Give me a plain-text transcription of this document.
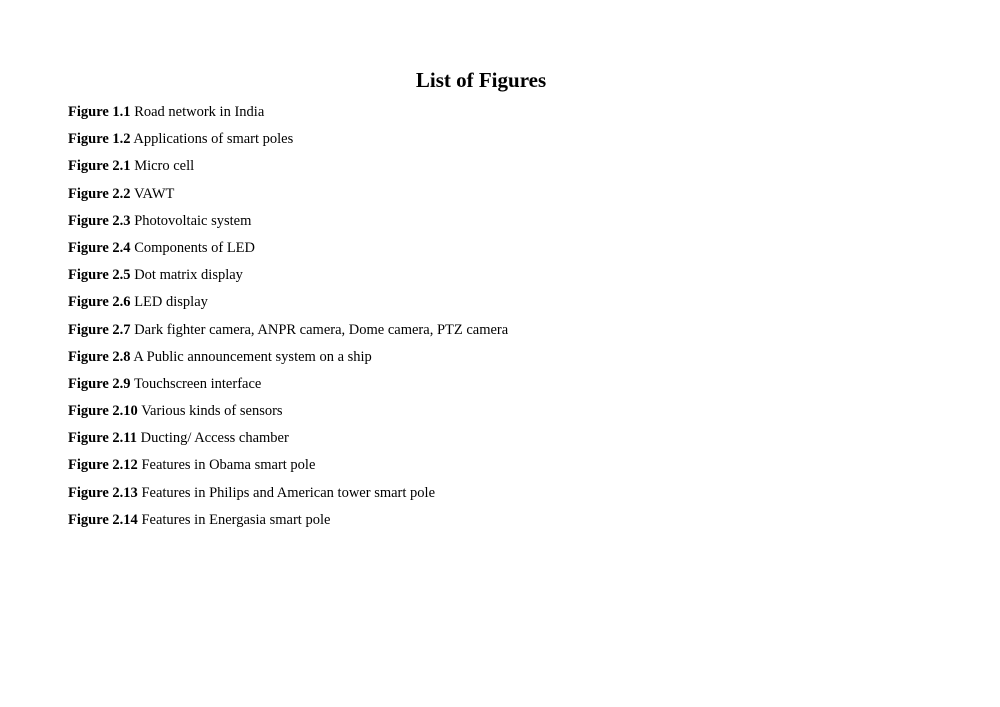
List of Figures
Figure 1.1 Road network in India
Figure 1.2 Applications of smart poles
Figure 2.1 Micro cell
Figure 2.2 VAWT
Figure 2.3 Photovoltaic system
Figure 2.4 Components of LED
Figure 2.5 Dot matrix display
Figure 2.6 LED display
Figure 2.7 Dark fighter camera, ANPR camera, Dome camera, PTZ camera
Figure 2.8 A Public announcement system on a ship
Figure 2.9 Touchscreen interface
Figure 2.10 Various kinds of sensors
Figure 2.11 Ducting/ Access chamber
Figure 2.12 Features in Obama smart pole
Figure 2.13 Features in Philips and American tower smart pole
Figure 2.14 Features in Energasia smart pole
